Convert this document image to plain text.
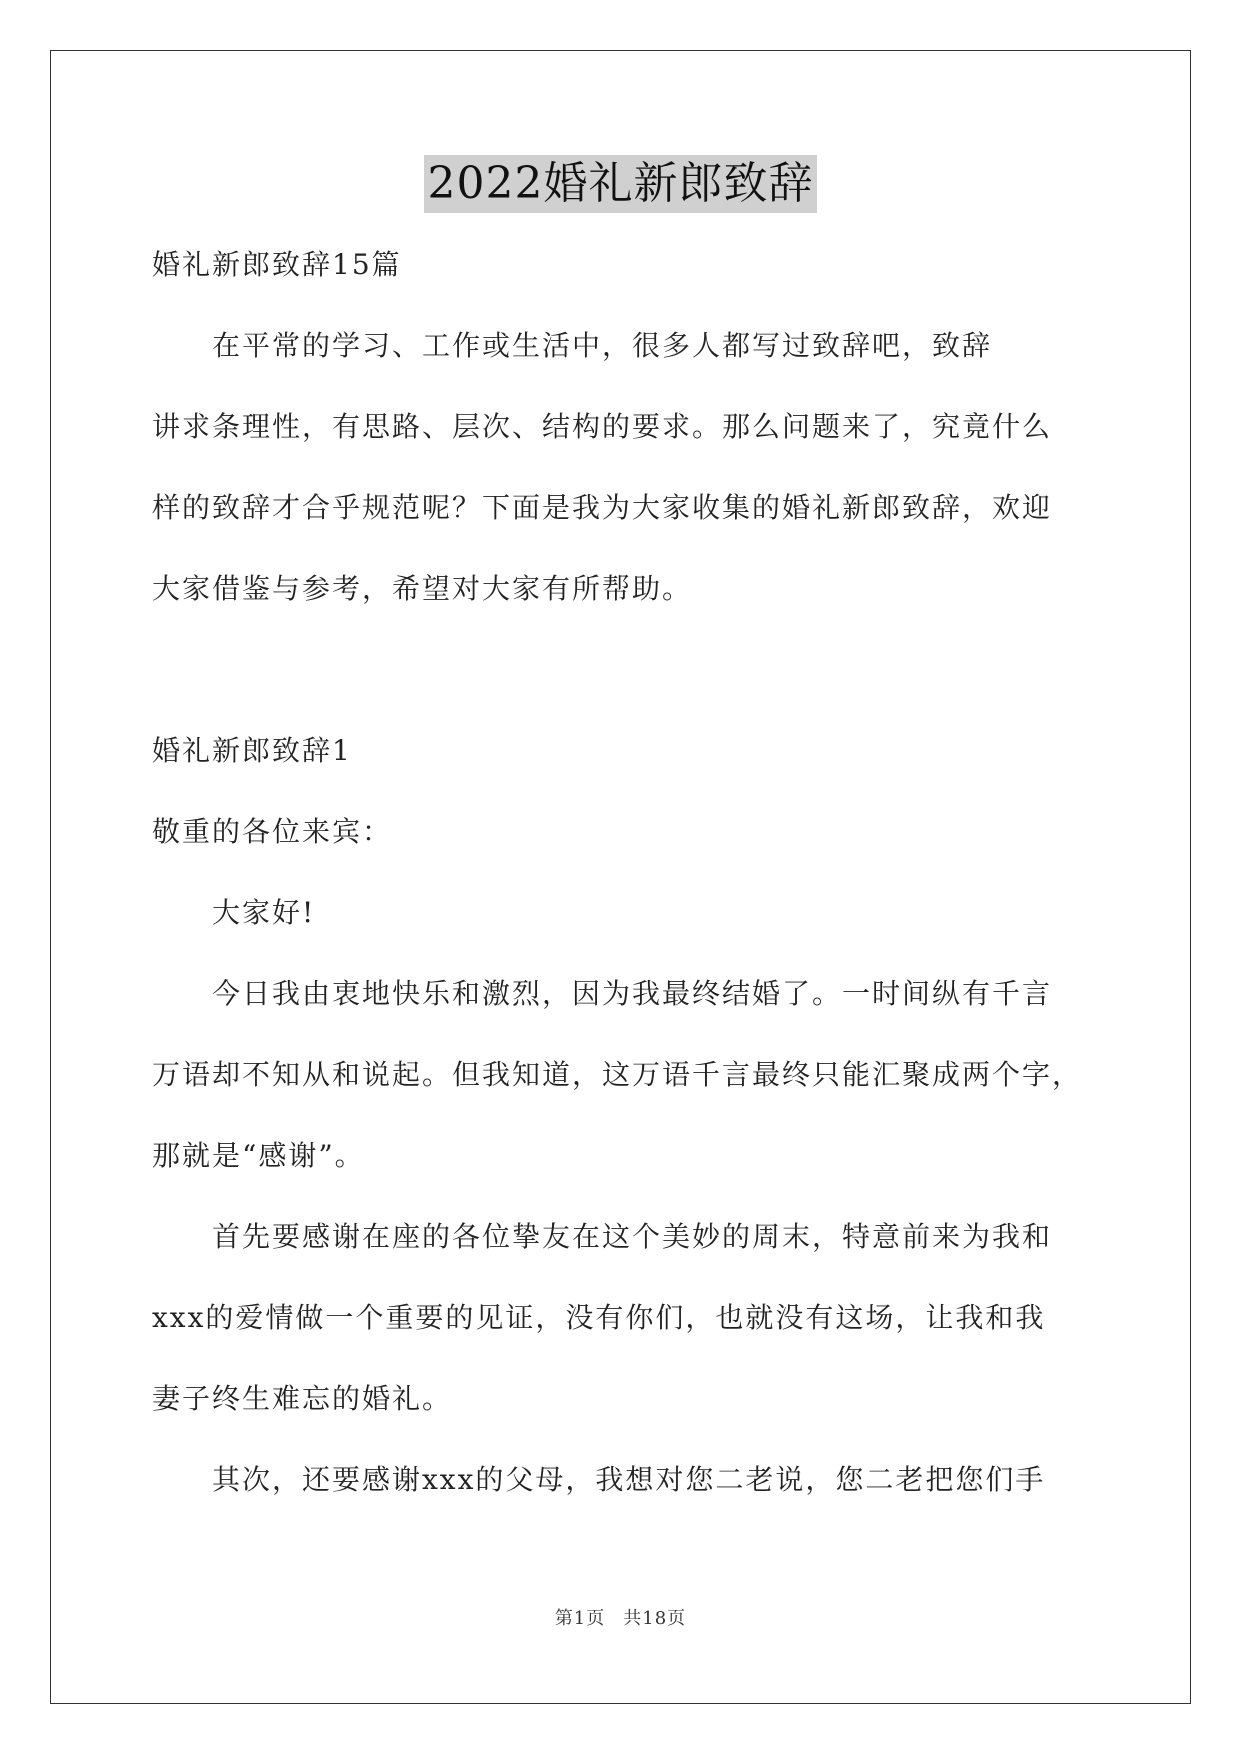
2022婚礼新郎致辞
婚礼新郎致辞15篇
　　在平常的学习、工作或生活中，很多人都写过致辞吧，致辞
讲求条理性，有思路、层次、结构的要求。那么问题来了，究竟什么
样的致辞才合乎规范呢？下面是我为大家收集的婚礼新郎致辞，欢迎
大家借鉴与参考，希望对大家有所帮助。
婚礼新郎致辞1
敬重的各位来宾：
　　大家好!
　　今日我由衷地快乐和激烈，因为我最终结婚了。一时间纵有千言
万语却不知从和说起。但我知道，这万语千言最终只能汇聚成两个字，
那就是“感谢”。
　　首先要感谢在座的各位挚友在这个美妙的周末，特意前来为我和
xxx的爱情做一个重要的见证，没有你们，也就没有这场，让我和我
妻子终生难忘的婚礼。
　　其次，还要感谢xxx的父母，我想对您二老说，您二老把您们手
第1页 共18页
